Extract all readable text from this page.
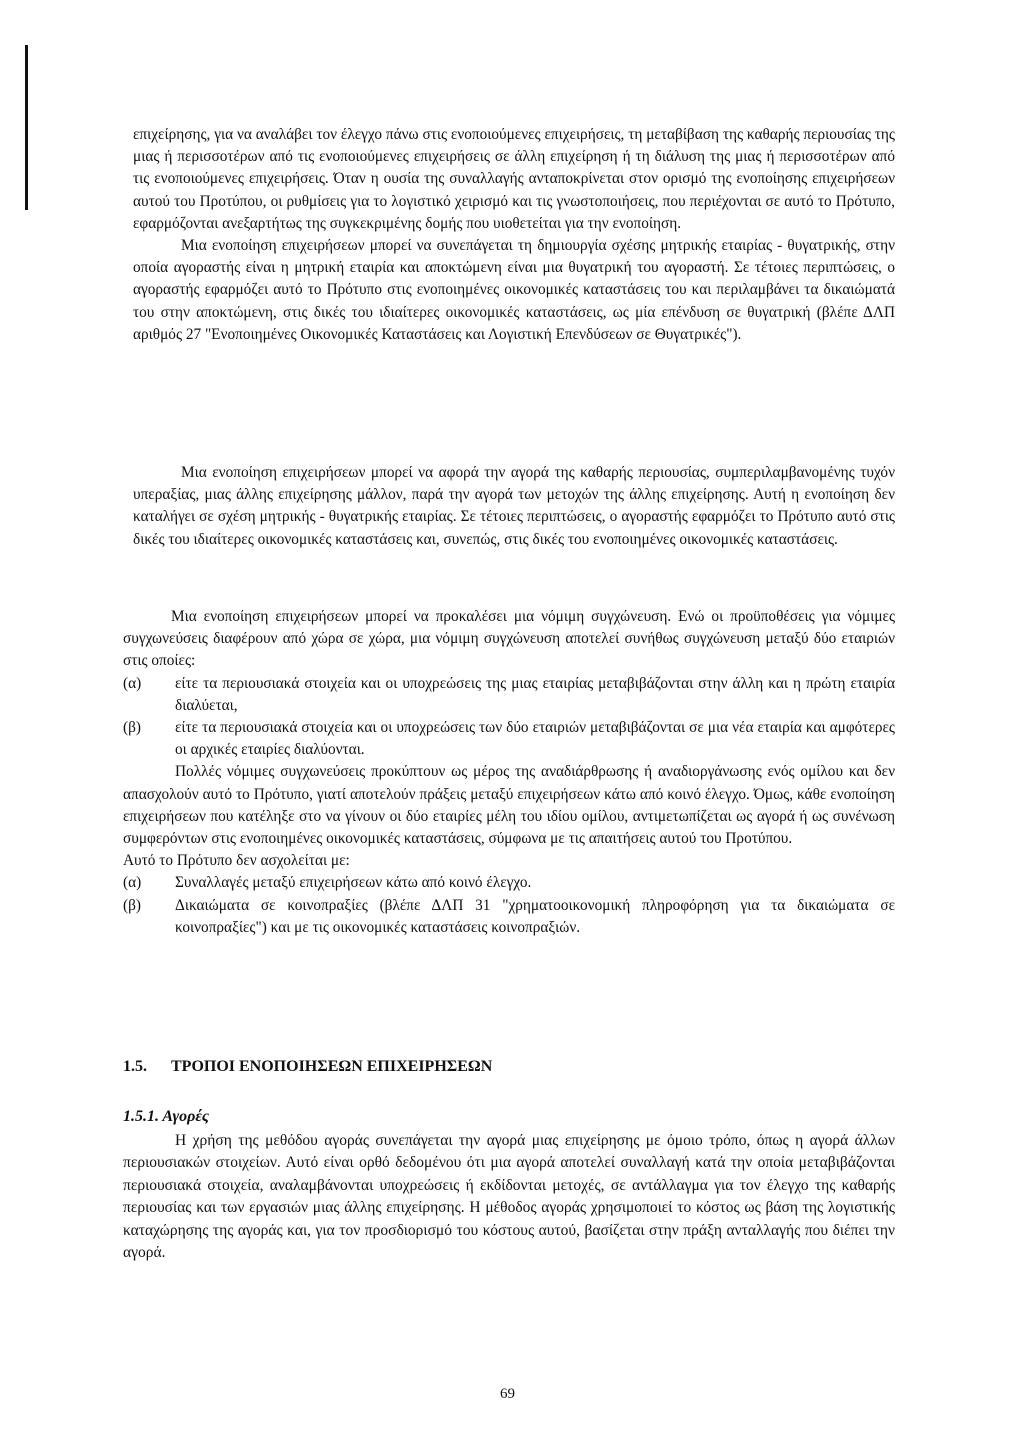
επιχείρησης, για να αναλάβει τον έλεγχο πάνω στις ενοποιούμενες επιχειρήσεις, τη μεταβίβαση της καθαρής περιουσίας της μιας ή περισσοτέρων από τις ενοποιούμενες επιχειρήσεις σε άλλη επιχείρηση ή τη διάλυση της μιας ή περισσοτέρων από τις ενοποιούμενες επιχειρήσεις. Όταν η ουσία της συναλλαγής ανταποκρίνεται στον ορισμό της ενοποίησης επιχειρήσεων αυτού του Προτύπου, οι ρυθμίσεις για το λογιστικό χειρισμό και τις γνωστοποιήσεις, που περιέχονται σε αυτό το Πρότυπο, εφαρμόζονται ανεξαρτήτως της συγκεκριμένης δομής που υιοθετείται για την ενοποίηση.

Μια ενοποίηση επιχειρήσεων μπορεί να συνεπάγεται τη δημιουργία σχέσης μητρικής εταιρίας - θυγατρικής, στην οποία αγοραστής είναι η μητρική εταιρία και αποκτώμενη είναι μια θυγατρική του αγοραστή. Σε τέτοιες περιπτώσεις, ο αγοραστής εφαρμόζει αυτό το Πρότυπο στις ενοποιημένες οικονομικές καταστάσεις του και περιλαμβάνει τα δικαιώματά του στην αποκτώμενη, στις δικές του ιδιαίτερες οικονομικές καταστάσεις, ως μία επένδυση σε θυγατρική (βλέπε ΔΛΠ αριθμός 27 "Ενοποιημένες Οικονομικές Καταστάσεις και Λογιστική Επενδύσεων σε Θυγατρικές").

Μια ενοποίηση επιχειρήσεων μπορεί να αφορά την αγορά της καθαρής περιουσίας, συμπεριλαμβανομένης τυχόν υπεραξίας, μιας άλλης επιχείρησης μάλλον, παρά την αγορά των μετοχών της άλλης επιχείρησης. Αυτή η ενοποίηση δεν καταλήγει σε σχέση μητρικής - θυγατρικής εταιρίας. Σε τέτοιες περιπτώσεις, ο αγοραστής εφαρμόζει το Πρότυπο αυτό στις δικές του ιδιαίτερες οικονομικές καταστάσεις και, συνεπώς, στις δικές του ενοποιημένες οικονομικές καταστάσεις.

Μια ενοποίηση επιχειρήσεων μπορεί να προκαλέσει μια νόμιμη συγχώνευση. Ενώ οι προϋποθέσεις για νόμιμες συγχωνεύσεις διαφέρουν από χώρα σε χώρα, μια νόμιμη συγχώνευση αποτελεί συνήθως συγχώνευση μεταξύ δύο εταιριών στις οποίες:

(α)	είτε τα περιουσιακά στοιχεία και οι υποχρεώσεις της μιας εταιρίας μεταβιβάζονται στην άλλη και η πρώτη εταιρία διαλύεται,
(β)	είτε τα περιουσιακά στοιχεία και οι υποχρεώσεις των δύο εταιριών μεταβιβάζονται σε μια νέα εταιρία και αμφότερες οι αρχικές εταιρίες διαλύονται.

Πολλές νόμιμες συγχωνεύσεις προκύπτουν ως μέρος της αναδιάρθρωσης ή αναδιοργάνωσης ενός ομίλου και δεν απασχολούν αυτό το Πρότυπο, γιατί αποτελούν πράξεις μεταξύ επιχειρήσεων κάτω από κοινό έλεγχο. Όμως, κάθε ενοποίηση επιχειρήσεων που κατέληξε στο να γίνουν οι δύο εταιρίες μέλη του ιδίου ομίλου, αντιμετωπίζεται ως αγορά ή ως συνένωση συμφερόντων στις ενοποιημένες οικονομικές καταστάσεις, σύμφωνα με τις απαιτήσεις αυτού του Προτύπου.

Αυτό το Πρότυπο δεν ασχολείται με:

(α)	Συναλλαγές μεταξύ επιχειρήσεων κάτω από κοινό έλεγχο.
(β)	Δικαιώματα σε κοινοπραξίες (βλέπε ΔΛΠ 31 "χρηματοοικονομική πληροφόρηση για τα δικαιώματα σε κοινοπραξίες") και με τις οικονομικές καταστάσεις κοινοπραξιών.
1.5. ΤΡΟΠΟΙ ΕΝΟΠΟΙΗΣΕΩΝ ΕΠΙΧΕΙΡΗΣΕΩΝ
1.5.1. Αγορές

Η χρήση της μεθόδου αγοράς συνεπάγεται την αγορά μιας επιχείρησης με όμοιο τρόπο, όπως η αγορά άλλων περιουσιακών στοιχείων. Αυτό είναι ορθό δεδομένου ότι μια αγορά αποτελεί συναλλαγή κατά την οποία μεταβιβάζονται περιουσιακά στοιχεία, αναλαμβάνονται υποχρεώσεις ή εκδίδονται μετοχές, σε αντάλλαγμα για τον έλεγχο της καθαρής περιουσίας και των εργασιών μιας άλλης επιχείρησης. Η μέθοδος αγοράς χρησιμοποιεί το κόστος ως βάση της λογιστικής καταχώρησης της αγοράς και, για τον προσδιορισμό του κόστους αυτού, βασίζεται στην πράξη ανταλλαγής που διέπει την αγορά.

69
